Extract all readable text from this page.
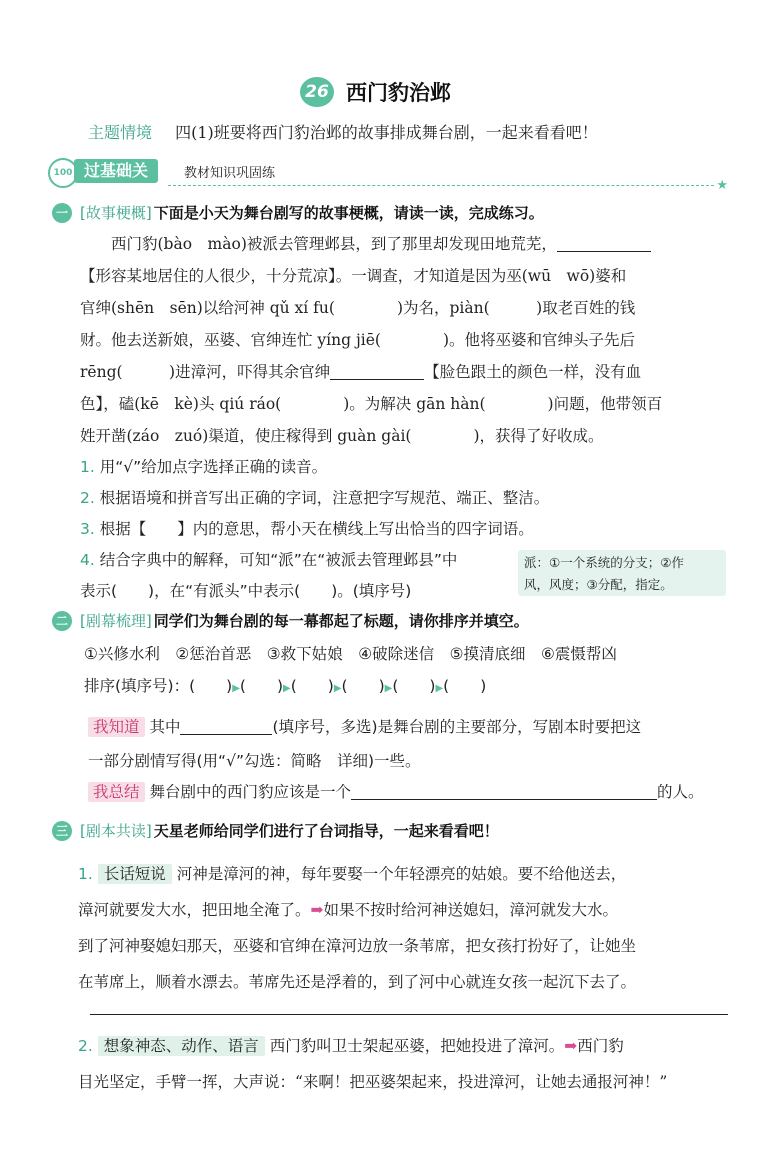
26 西门豹治邺
主题情境 四(1)班要将西门豹治邺的故事排成舞台剧，一起来看看吧！
100 过基础关	教材知识巩固练
★
一 [故事梗概] 下面是小天为舞台剧写的故事梗概，请读一读，完成练习。
西门豹(bào　mào)被派去管理邺县，到了那里却发现田地荒芜，
【形容某地居住的人很少，十分荒凉】。一调查，才知道是因为巫(wū　wō)婆和
官绅(shēn　sēn)以给河神 qǔ xí fu(　　　　)为名，piàn(　　　)取老百姓的钱
财。他去送新娘，巫婆、官绅连忙 yíng jiē(　　　　)。他将巫婆和官绅头子先后
rēng(　　　)进漳河，吓得其余官绅	【脸色跟土的颜色一样，没有血
色】，磕(kē　kè)头 qiú ráo(　　　　)。为解决 gān hàn(　　　　)问题，他带领百
姓开凿(záo　zuó)渠道，使庄稼得到 guàn gài(　　　　)，获得了好收成。
1. 用“√”给加点字选择正确的读音。
2. 根据语境和拼音写出正确的字词，注意把字写规范、端正、整洁。
3. 根据【　　】内的意思，帮小天在横线上写出恰当的四字词语。
4. 结合字典中的解释，可知“派”在“被派去管理邺县”中
表示(　　)，在“有派头”中表示(　　)。(填序号)
派：①一个系统的分支；②作
风，风度；③分配，指定。
二 [剧幕梳理] 同学们为舞台剧的每一幕都起了标题，请你排序并填空。
①兴修水利　②惩治首恶　③救下姑娘　④破除迷信　⑤摸清底细　⑥震慑帮凶
排序(填序号)：(　　)▶(　　)▶(　　)▶(　　)▶(　　)▶(　　)
我知道 其中	(填序号，多选)是舞台剧的主要部分，写剧本时要把这
一部分剧情写得(用“√”勾选：简略　详细)一些。
我总结 舞台剧中的西门豹应该是一个	的人。
三 [剧本共读] 天星老师给同学们进行了台词指导，一起来看看吧！
1. 长话短说 河神是漳河的神，每年要娶一个年轻漂亮的姑娘。要不给他送去，
漳河就要发大水，把田地全淹了。➡如果不按时给河神送媳妇，漳河就发大水。
到了河神娶媳妇那天，巫婆和官绅在漳河边放一条苇席，把女孩打扮好了，让她坐
在苇席上，顺着水漂去。苇席先还是浮着的，到了河中心就连女孩一起沉下去了。
2. 想象神态、动作、语言 西门豹叫卫士架起巫婆，把她投进了漳河。➡西门豹
目光坚定，手臂一挥，大声说：“来啊！把巫婆架起来，投进漳河，让她去通报河神！”
